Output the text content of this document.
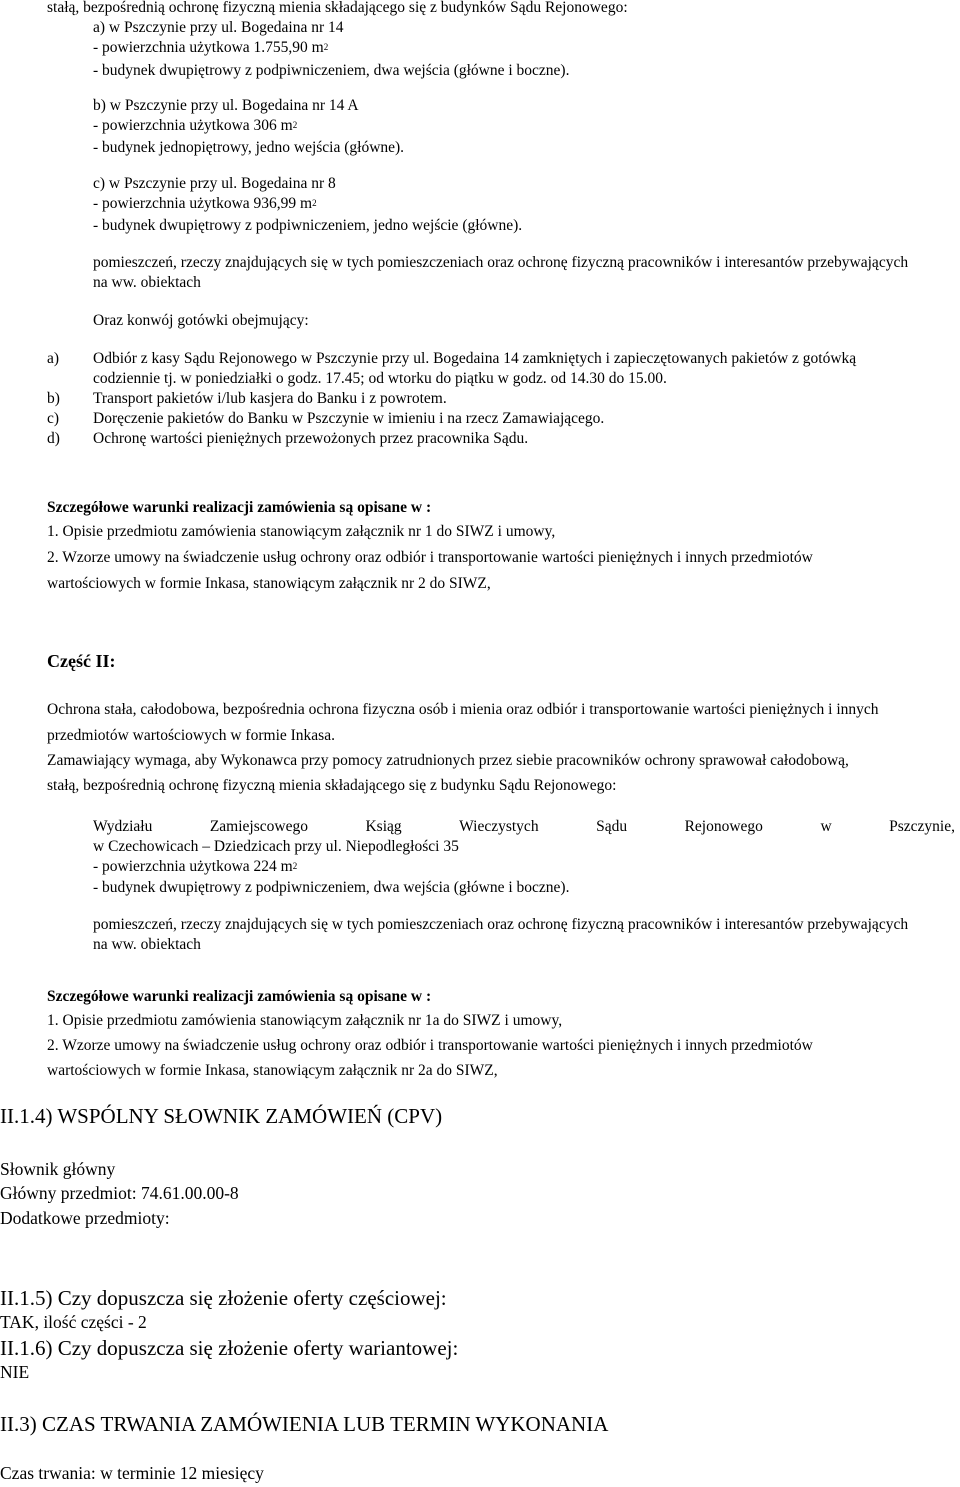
stałą, bezpośrednią ochronę fizyczną mienia składającego się z budynków Sądu Rejonowego:
a) w Pszczynie przy ul. Bogedaina nr 14
- powierzchnia użytkowa 1.755,90 $m^2$
- budynek dwupiętrowy z podpiwniczeniem, dwa wejścia (główne i boczne).
b) w Pszczynie przy ul. Bogedaina nr 14 A
- powierzchnia użytkowa 306 $m^2$
- budynek jednopiętrowy, jedno wejścia (główne).
c) w Pszczynie przy ul. Bogedaina nr 8
- powierzchnia użytkowa 936,99 $m^2$
- budynek dwupiętrowy z podpiwniczeniem, jedno wejście (główne).
pomieszczeń, rzeczy znajdujących się w tych pomieszczeniach oraz ochronę fizyczną pracowników i interesantów przebywających
na ww. obiektach
Oraz konwój gotówki obejmujący:
a) Odbiór z kasy Sądu Rejonowego w Pszczynie przy ul. Bogedaina 14 zamkniętych i zapieczętowanych pakietów z gotówką
codziennie tj. w poniedziałki o godz. 17.45; od wtorku do piątku w godz. od 14.30 do 15.00.
b) Transport pakietów i/lub kasjera do Banku i z powrotem.
c) Doręczenie pakietów do Banku w Pszczynie w imieniu i na rzecz Zamawiającego.
d) Ochronę wartości pieniężnych przewożonych przez pracownika Sądu.
Szczegółowe warunki realizacji zamówienia są opisane w :
1. Opisie przedmiotu zamówienia stanowiącym załącznik nr 1 do SIWZ i umowy,
2. Wzorze umowy na świadczenie usług ochrony oraz odbiór i transportowanie wartości pieniężnych i innych przedmiotów
wartościowych w formie Inkasa, stanowiącym załącznik nr 2 do SIWZ,
Część II:
Ochrona stała, całodobowa, bezpośrednia ochrona fizyczna osób i mienia oraz odbiór i transportowanie wartości pieniężnych i innych
przedmiotów wartościowych w formie Inkasa.
Zamawiający wymaga, aby Wykonawca przy pomocy zatrudnionych przez siebie pracowników ochrony sprawował całodobową,
stałą, bezpośrednią ochronę fizyczną mienia składającego się z budynku Sądu Rejonowego:
Wydziału	Zamiejscowego	Ksiąg	Wieczystych	Sądu	Rejonowego	w	Pszczynie,
w Czechowicach – Dziedzicach przy ul. Niepodległości 35
- powierzchnia użytkowa 224 $m^2$
- budynek dwupiętrowy z podpiwniczeniem, dwa wejścia (główne i boczne).
pomieszczeń, rzeczy znajdujących się w tych pomieszczeniach oraz ochronę fizyczną pracowników i interesantów przebywających
na ww. obiektach
Szczegółowe warunki realizacji zamówienia są opisane w :
1. Opisie przedmiotu zamówienia stanowiącym załącznik nr 1a do SIWZ i umowy,
2. Wzorze umowy na świadczenie usług ochrony oraz odbiór i transportowanie wartości pieniężnych i innych przedmiotów
wartościowych w formie Inkasa, stanowiącym załącznik nr 2a do SIWZ,
II.1.4) WSPÓLNY SŁOWNIK ZAMÓWIEŃ (CPV)
Słownik główny
Główny przedmiot: 74.61.00.00-8
Dodatkowe przedmioty:
II.1.5) Czy dopuszcza się złożenie oferty częściowej:
TAK, ilość części - 2
II.1.6) Czy dopuszcza się złożenie oferty wariantowej:
NIE
II.3) CZAS TRWANIA ZAMÓWIENIA LUB TERMIN WYKONANIA
Czas trwania: w terminie 12 miesięcy
